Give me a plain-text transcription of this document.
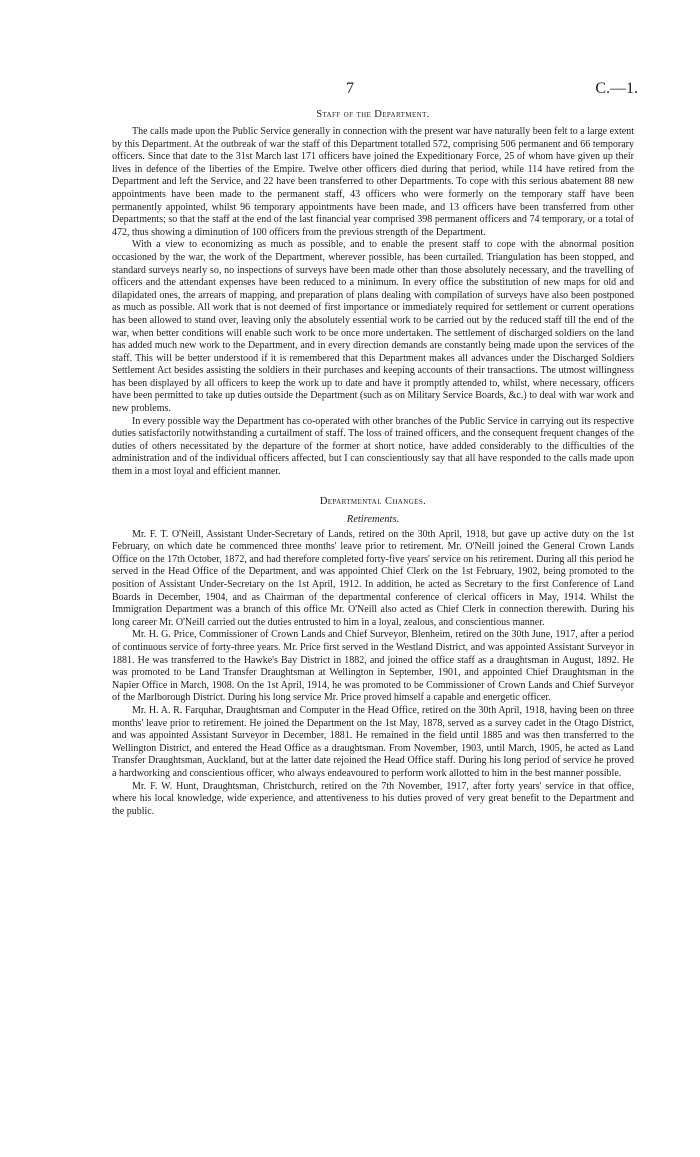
7	C.—1.
Staff of the Department.

The calls made upon the Public Service generally in connection with the present war have naturally been felt to a large extent by this Department. At the outbreak of war the staff of this Department totalled 572, comprising 506 permanent and 66 temporary officers. Since that date to the 31st March last 171 officers have joined the Expeditionary Force, 25 of whom have given up their lives in defence of the liberties of the Empire. Twelve other officers died during that period, while 114 have retired from the Department and left the Service, and 22 have been transferred to other Departments. To cope with this serious abatement 88 new appointments have been made to the permanent staff, 43 officers who were formerly on the temporary staff have been permanently appointed, whilst 96 temporary appointments have been made, and 13 officers have been transferred from other Departments; so that the staff at the end of the last financial year comprised 398 permanent officers and 74 temporary, or a total of 472, thus showing a diminution of 100 officers from the previous strength of the Department.

With a view to economizing as much as possible, and to enable the present staff to cope with the abnormal position occasioned by the war, the work of the Department, wherever possible, has been curtailed. Triangulation has been stopped, and standard surveys nearly so, no inspections of surveys have been made other than those absolutely necessary, and the travelling of officers and the attendant expenses have been reduced to a minimum. In every office the substitution of new maps for old and dilapidated ones, the arrears of mapping, and preparation of plans dealing with compilation of surveys have also been postponed as much as possible. All work that is not deemed of first importance or immediately required for settlement or current operations has been allowed to stand over, leaving only the absolutely essential work to be carried out by the reduced staff till the end of the war, when better conditions will enable such work to be once more undertaken. The settlement of discharged soldiers on the land has added much new work to the Department, and in every direction demands are constantly being made upon the services of the staff. This will be better understood if it is remembered that this Department makes all advances under the Discharged Soldiers Settlement Act besides assisting the soldiers in their purchases and keeping accounts of their transactions. The utmost willingness has been displayed by all officers to keep the work up to date and have it promptly attended to, whilst, where necessary, officers have been permitted to take up duties outside the Department (such as on Military Service Boards, &c.) to deal with war work and new problems.

In every possible way the Department has co-operated with other branches of the Public Service in carrying out its respective duties satisfactorily notwithstanding a curtailment of staff. The loss of trained officers, and the consequent frequent changes of the duties of others necessitated by the departure of the former at short notice, have added considerably to the difficulties of the administration and of the individual officers affected, but I can conscientiously say that all have responded to the calls made upon them in a most loyal and efficient manner.

Departmental Changes.
Retirements.

Mr. F. T. O'Neill, Assistant Under-Secretary of Lands, retired on the 30th April, 1918, but gave up active duty on the 1st February, on which date he commenced three months' leave prior to retirement. Mr. O'Neill joined the General Crown Lands Office on the 17th October, 1872, and had therefore completed forty-five years' service on his retirement. During all this period he served in the Head Office of the Department, and was appointed Chief Clerk on the 1st February, 1902, being promoted to the position of Assistant Under-Secretary on the 1st April, 1912. In addition, he acted as Secretary to the first Conference of Land Boards in December, 1904, and as Chairman of the departmental conference of clerical officers in May, 1914. Whilst the Immigration Department was a branch of this office Mr. O'Neill also acted as Chief Clerk in connection therewith. During his long career Mr. O'Neill carried out the duties entrusted to him in a loyal, zealous, and conscientious manner.

Mr. H. G. Price, Commissioner of Crown Lands and Chief Surveyor, Blenheim, retired on the 30th June, 1917, after a period of continuous service of forty-three years. Mr. Price first served in the Westland District, and was appointed Assistant Surveyor in 1881. He was transferred to the Hawke's Bay District in 1882, and joined the office staff as a draughtsman in August, 1892. He was promoted to be Land Transfer Draughtsman at Wellington in September, 1901, and appointed Chief Draughtsman in the Napier Office in March, 1908. On the 1st April, 1914, he was promoted to be Commissioner of Crown Lands and Chief Surveyor of the Marlborough District. During his long service Mr. Price proved himself a capable and energetic officer.

Mr. H. A. R. Farquhar, Draughtsman and Computer in the Head Office, retired on the 30th April, 1918, having been on three months' leave prior to retirement. He joined the Department on the 1st May, 1878, served as a survey cadet in the Otago District, and was appointed Assistant Surveyor in December, 1881. He remained in the field until 1885 and was then transferred to the Wellington District, and entered the Head Office as a draughtsman. From November, 1903, until March, 1905, he acted as Land Transfer Draughtsman, Auckland, but at the latter date rejoined the Head Office staff. During his long period of service he proved a hardworking and conscientious officer, who always endeavoured to perform work allotted to him in the best manner possible.

Mr. F. W. Hunt, Draughtsman, Christchurch, retired on the 7th November, 1917, after forty years' service in that office, where his local knowledge, wide experience, and attentiveness to his duties proved of very great benefit to the Department and the public.
